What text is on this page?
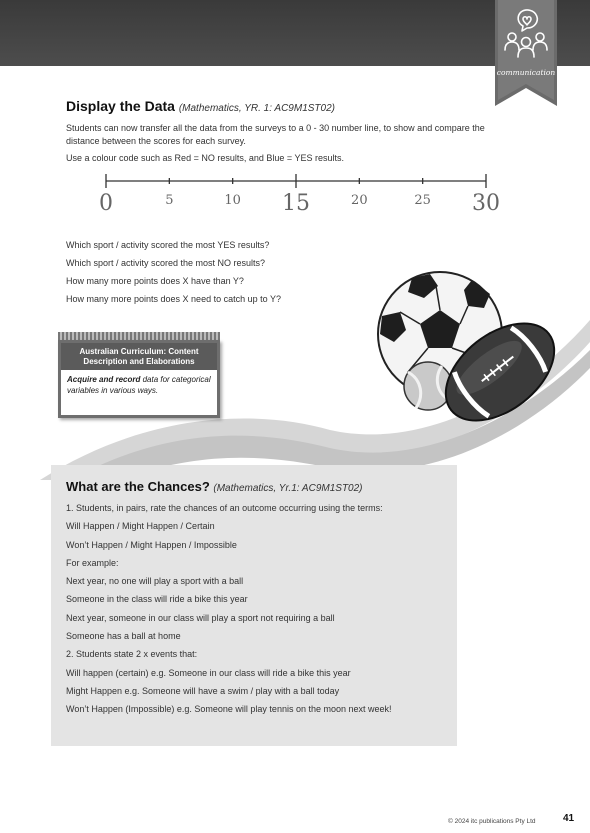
communication
Display the Data (Mathematics, YR. 1: AC9M1ST02)
Students can now transfer all the data from the surveys to a 0 - 30 number line, to show and compare the distance between the scores for each survey.
Use a colour code such as Red = NO results, and Blue = YES results.
0	5	10 15	20	25 30
Which sport / activity scored the most YES results?
Which sport / activity scored the most NO results?
How many more points does X have than Y?
How many more points does X need to catch up to Y?
Australian Curriculum: Content Description and Elaborations
Acquire and record data for categorical variables in various ways.
What are the Chances? (Mathematics, Yr.1: AC9M1ST02)
1. Students, in pairs, rate the chances of an outcome occurring using the terms:
Will Happen / Might Happen / Certain
Won’t Happen / Might Happen / Impossible
For example:
Next year, no one will play a sport with a ball
Someone in the class will ride a bike this year
Next year, someone in our class will play a sport not requiring a ball
Someone has a ball at home
2. Students state 2 x events that:
Will happen (certain) e.g. Someone in our class will ride a bike this year
Might Happen e.g. Someone will have a swim / play with a ball today
Won’t Happen (Impossible) e.g. Someone will play tennis on the moon next week!
© 2024 itc publications Pty Ltd	41
